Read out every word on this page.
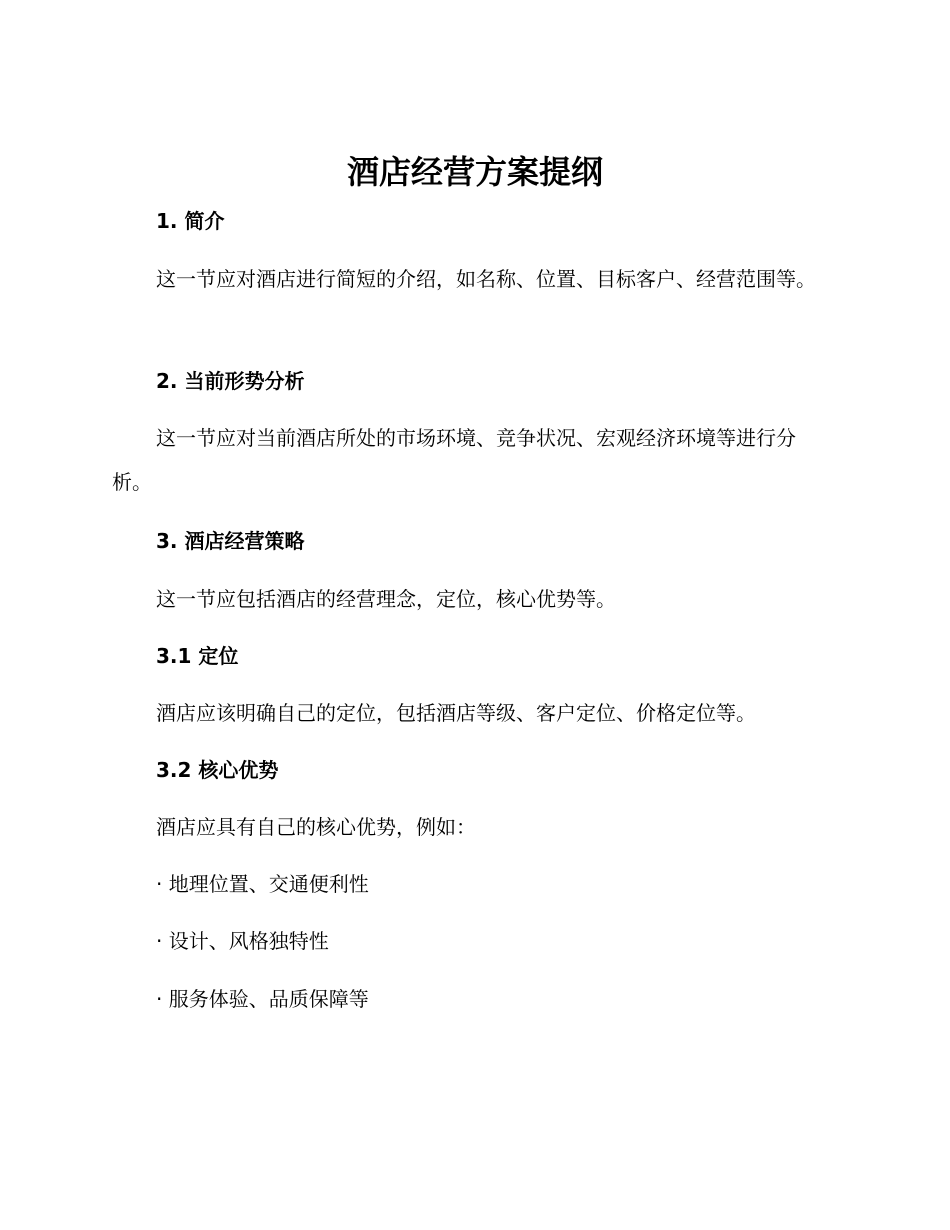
酒店经营方案提纲
1. 简介

这一节应对酒店进行简短的介绍，如名称、位置、目标客户、经营范围等。

2. 当前形势分析

这一节应对当前酒店所处的市场环境、竞争状况、宏观经济环境等进行分析。

3. 酒店经营策略

这一节应包括酒店的经营理念，定位，核心优势等。

3.1 定位

酒店应该明确自己的定位，包括酒店等级、客户定位、价格定位等。

3.2 核心优势

酒店应具有自己的核心优势，例如：

· 地理位置、交通便利性

· 设计、风格独特性

· 服务体验、品质保障等
